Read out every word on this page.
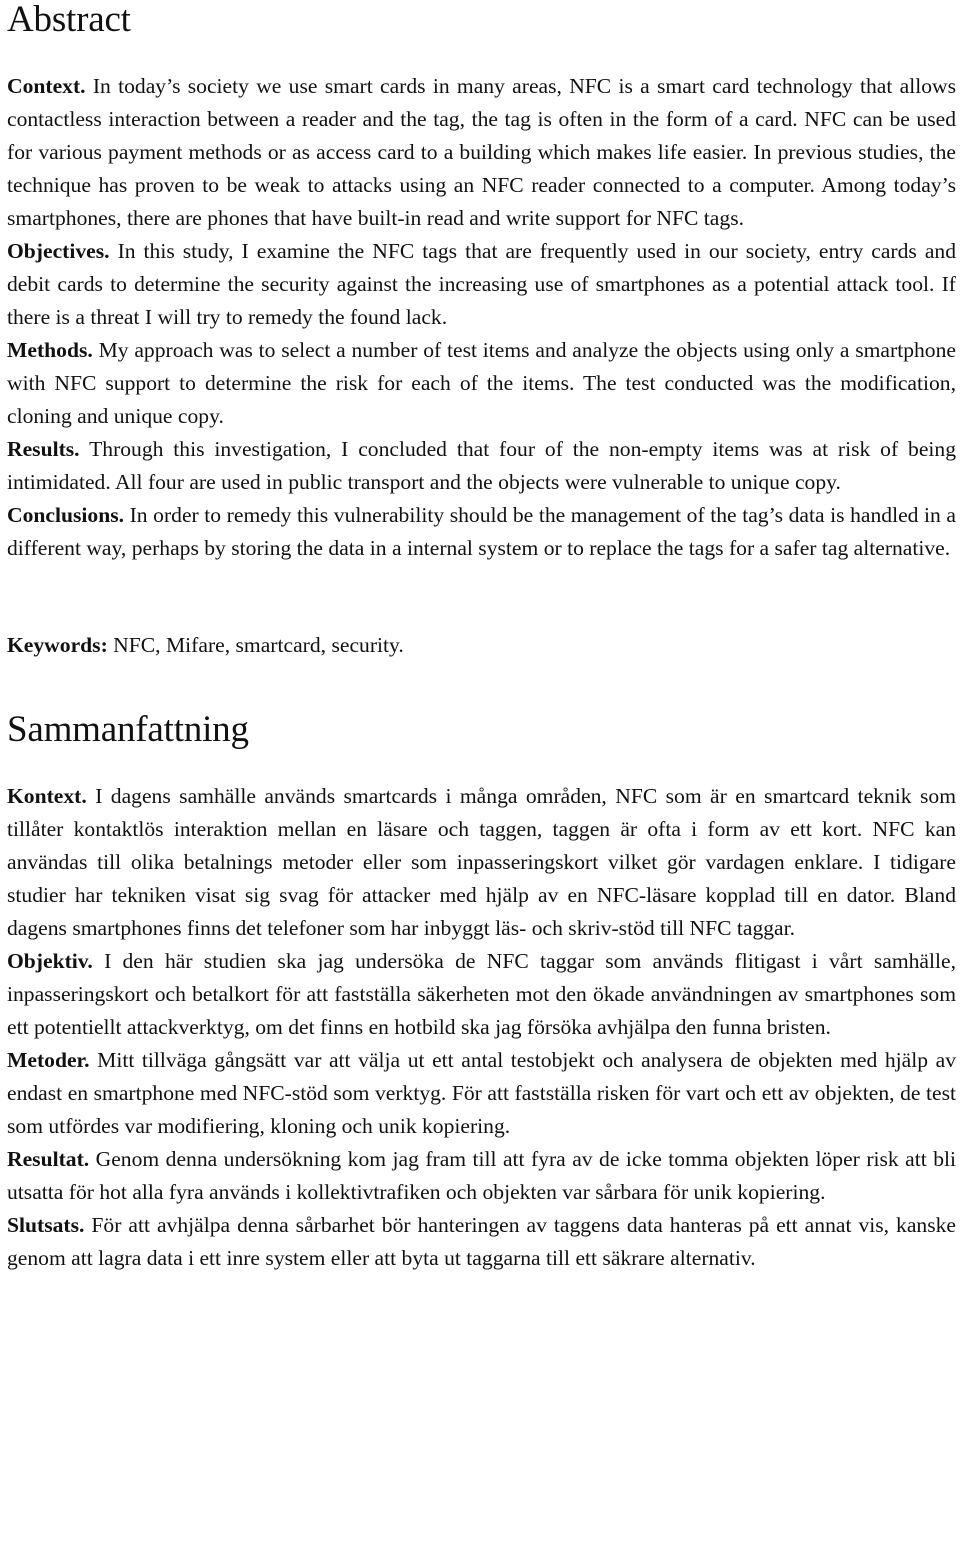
Abstract

Context. In today’s society we use smart cards in many areas, NFC is a smart card technology that allows contactless interaction between a reader and the tag, the tag is often in the form of a card. NFC can be used for various payment methods or as access card to a building which makes life easier. In previous studies, the technique has proven to be weak to attacks using an NFC reader connected to a computer. Among today’s smartphones, there are phones that have built-in read and write support for NFC tags.

Objectives. In this study, I examine the NFC tags that are frequently used in our society, entry cards and debit cards to determine the security against the increasing use of smartphones as a potential attack tool. If there is a threat I will try to remedy the found lack.

Methods. My approach was to select a number of test items and analyze the objects using only a smartphone with NFC support to determine the risk for each of the items. The test conducted was the modification, cloning and unique copy.

Results. Through this investigation, I concluded that four of the non-empty items was at risk of being intimidated. All four are used in public transport and the objects were vulnerable to unique copy.

Conclusions. In order to remedy this vulnerability should be the management of the tag’s data is handled in a different way, perhaps by storing the data in a internal system or to replace the tags for a safer tag alternative.

Keywords: NFC, Mifare, smartcard, security.

Sammanfattning

Kontext. I dagens samhälle används smartcards i många områden, NFC som är en smartcard teknik som tillåter kontaktlös interaktion mellan en läsare och taggen, taggen är ofta i form av ett kort. NFC kan användas till olika betalnings metoder eller som inpasseringskort vilket gör vardagen enklare. I tidigare studier har tekniken visat sig svag för attacker med hjälp av en NFC-läsare kopplad till en dator. Bland dagens smartphones finns det telefoner som har inbyggt läs- och skriv-stöd till NFC taggar.

Objektiv. I den här studien ska jag undersöka de NFC taggar som används flitigast i vårt samhälle, inpasseringskort och betalkort för att fastställa säkerheten mot den ökade användningen av smartphones som ett potentiellt attackverktyg, om det finns en hotbild ska jag försöka avhjälpa den funna bristen.

Metoder. Mitt tillväga gångsätt var att välja ut ett antal testobjekt och analysera de objekten med hjälp av endast en smartphone med NFC-stöd som verktyg. För att fastställa risken för vart och ett av objekten, de test som utfördes var modifiering, kloning och unik kopiering.

Resultat. Genom denna undersökning kom jag fram till att fyra av de icke tomma objekten löper risk att bli utsatta för hot alla fyra används i kollektivtrafiken och objekten var sårbara för unik kopiering.

Slutsats. För att avhjälpa denna sårbarhet bör hanteringen av taggens data hanteras på ett annat vis, kanske genom att lagra data i ett inre system eller att byta ut taggarna till ett säkrare alternativ.
